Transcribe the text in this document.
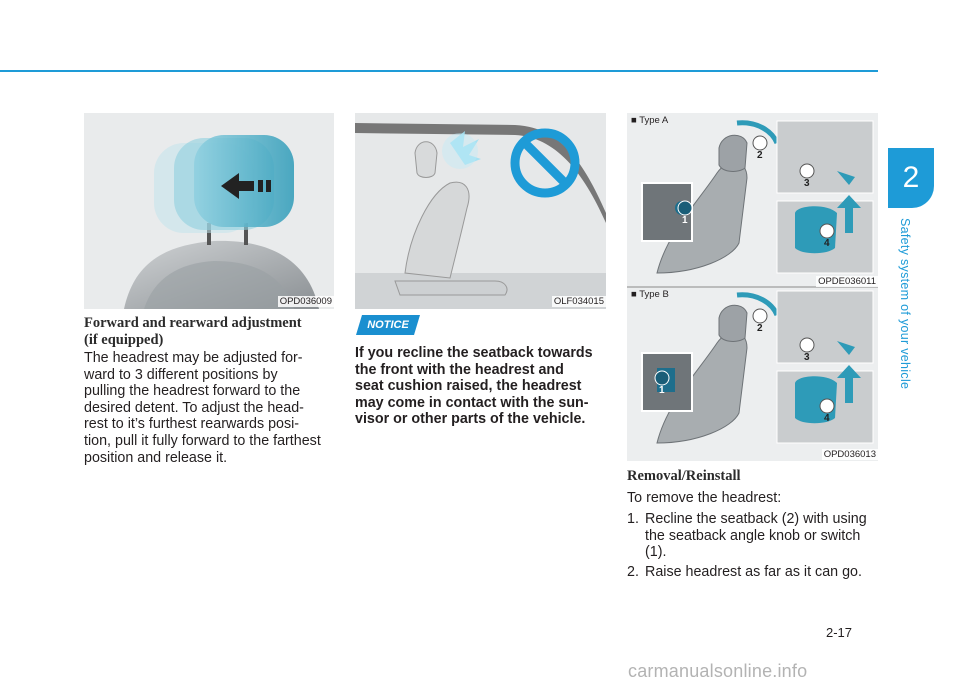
2
Safety system of your vehicle
OPD036009	OLF034015
1
2
3
4
1
2
3
4
■ Type A
OPDE036011
■ Type B
OPD036013
Forward and rearward adjustment
(if equipped)
The headrest may be adjusted for-
ward to 3 different positions by
pulling the headrest forward to the
desired detent. To adjust the head-
rest to it’s furthest rearwards posi-
tion, pull it fully forward to the farthest
position and release it.
NOTICE
If you recline the seatback towards
the front with the headrest and
seat cushion raised, the headrest
may come in contact with the sun-
visor or other parts of the vehicle.
Removal/Reinstall
To remove the headrest:
1. Recline the seatback (2) with using
the seatback angle knob or switch
(1).
2. Raise headrest as far as it can go.
2-17
carmanualsonline.info
